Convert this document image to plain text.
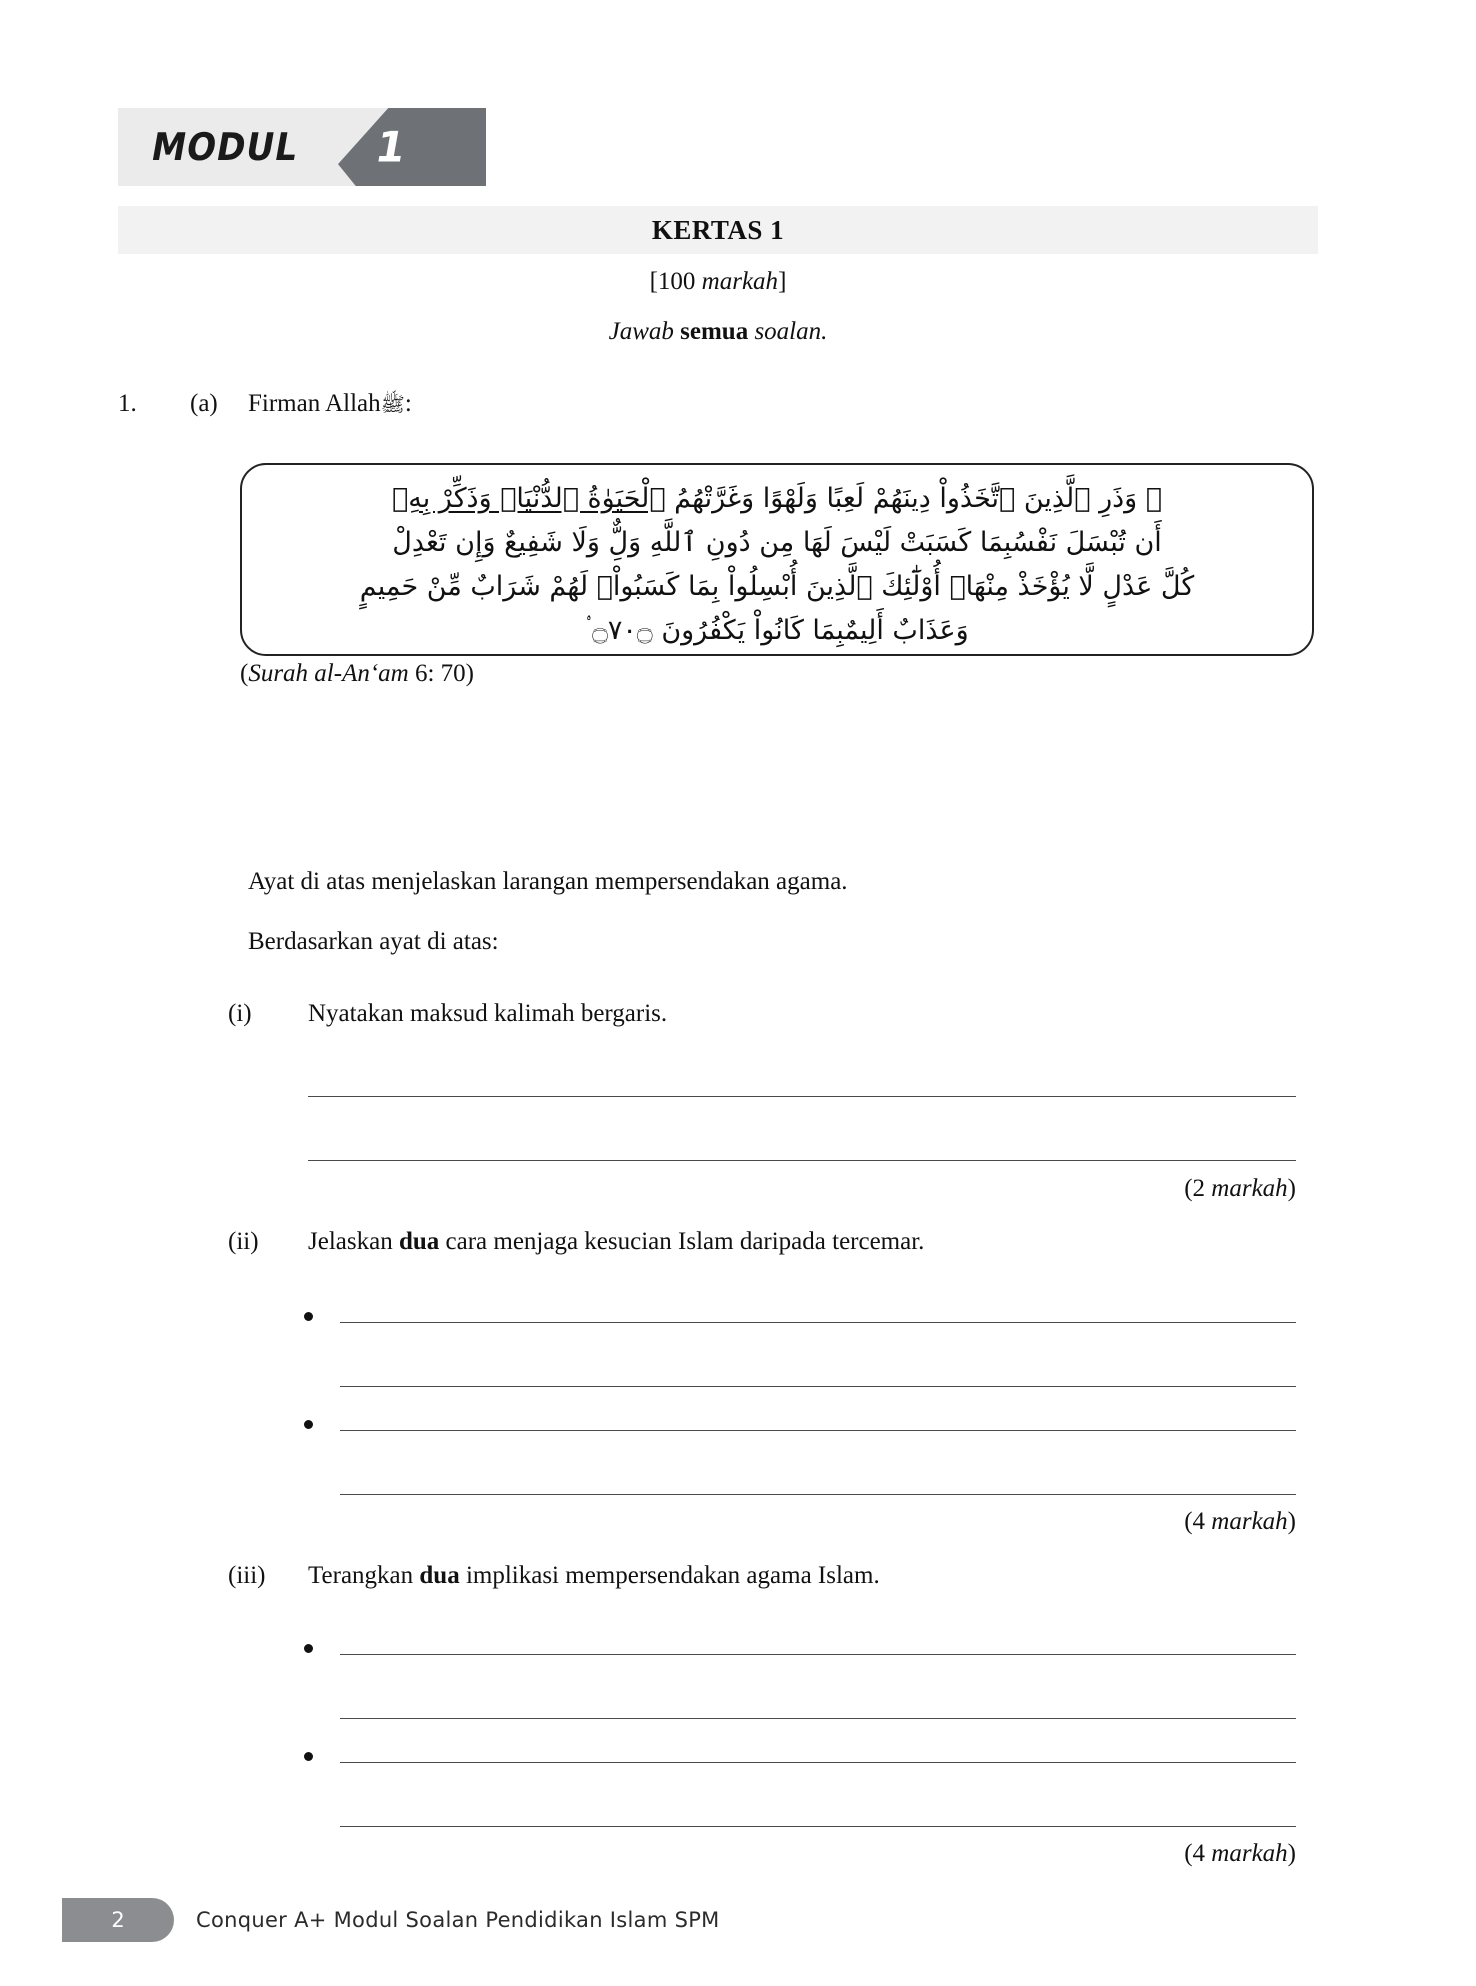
MODUL 1
KERTAS 1
[100 markah]
Jawab semua soalan.
1. (a) Firman Allahﷺ:
۞ وَذَرِ ٱلَّذِينَ ٱتَّخَذُواْ دِينَهُمْ لَعِبًا وَلَهْوًا وَغَرَّتْهُمُ ٱلْحَيَوٰةُ ٱلدُّنْيَاۚ وَذَكِّرْ بِهِۢ
أَن تُبْسَلَ نَفْسُبِمَا كَسَبَتْ لَيْسَ لَهَا مِن دُونِ ٱللَّهِ وَلٌِّ وَلَا شَفِيعٌ وَإِن تَعْدِلْ
كُلَّ عَدْلٍ لَّا يُؤْخَذْ مِنْهَاۗ أُوْلَٰٓئِكَ ٱلَّذِينَ أُبْسِلُواْ بِمَا كَسَبُواْۗ لَهُمْ شَرَابٌ مِّنْ حَمِيمٍ
وَعَذَابٌ أَلِيمٌبِمَا كَانُواْ يَكْفُرُونَ ۝٧٠۝ ۟
(Surah al-An‘am 6: 70)
Ayat di atas menjelaskan larangan mempersendakan agama.
Berdasarkan ayat di atas:
(i)	Nyatakan maksud kalimah bergaris.
(2 markah)
(ii)	Jelaskan dua cara menjaga kesucian Islam daripada tercemar.
(4 markah)
(iii)	Terangkan dua implikasi mempersendakan agama Islam.
(4 markah)
2	Conquer A+ Modul Soalan Pendidikan Islam SPM
